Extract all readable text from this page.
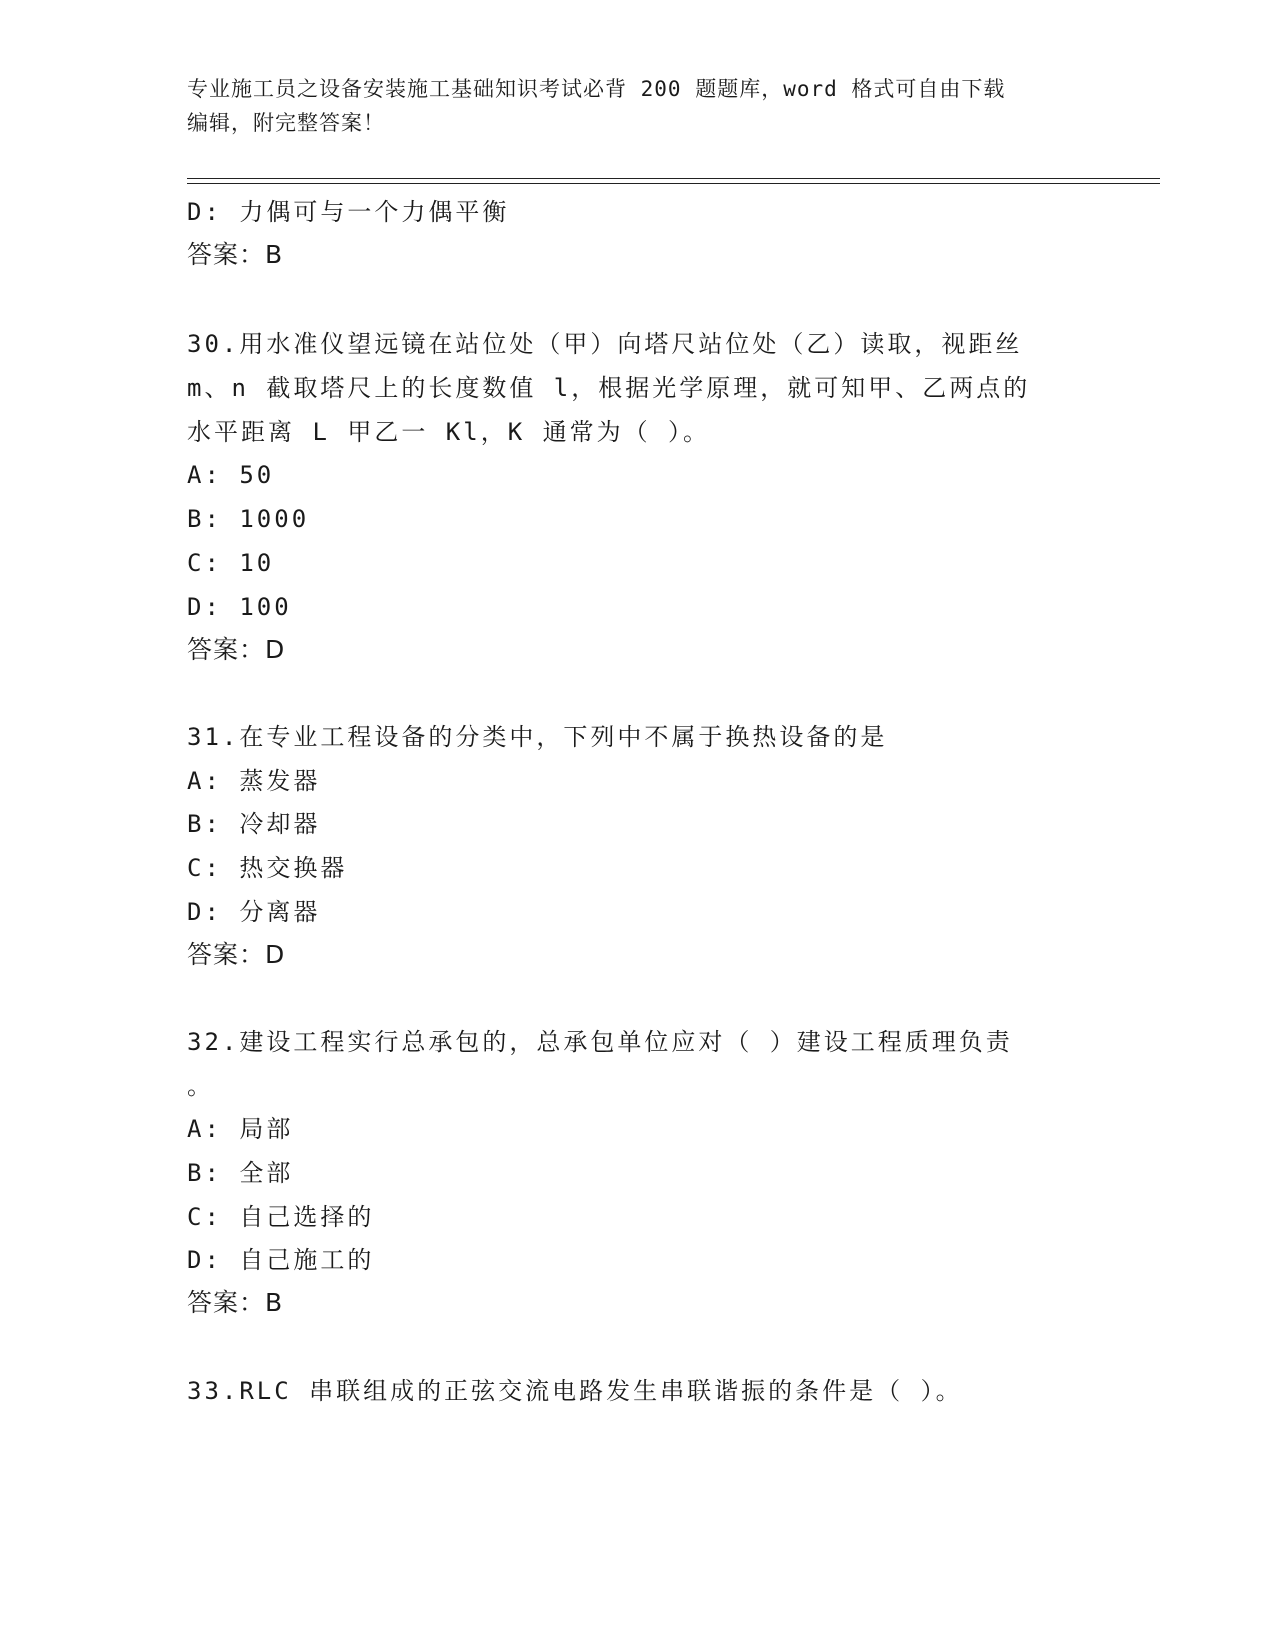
专业施工员之设备安装施工基础知识考试必背 200 题题库，word 格式可自由下载
编辑，附完整答案！
D: 力偶可与一个力偶平衡
答案：B
30.用水准仪望远镜在站位处（甲）向塔尺站位处（乙）读取，视距丝
m、n 截取塔尺上的长度数值 l，根据光学原理，就可知甲、乙两点的
水平距离 L 甲乙一 Kl，K 通常为（ ）。
A: 50
B: 1000
C: 10
D: 100
答案：D
31.在专业工程设备的分类中，下列中不属于换热设备的是
A: 蒸发器
B: 冷却器
C: 热交换器
D: 分离器
答案：D
32.建设工程实行总承包的，总承包单位应对（ ）建设工程质理负责
。
A: 局部
B: 全部
C: 自己选择的
D: 自己施工的
答案：B
33.RLC 串联组成的正弦交流电路发生串联谐振的条件是（ ）。
